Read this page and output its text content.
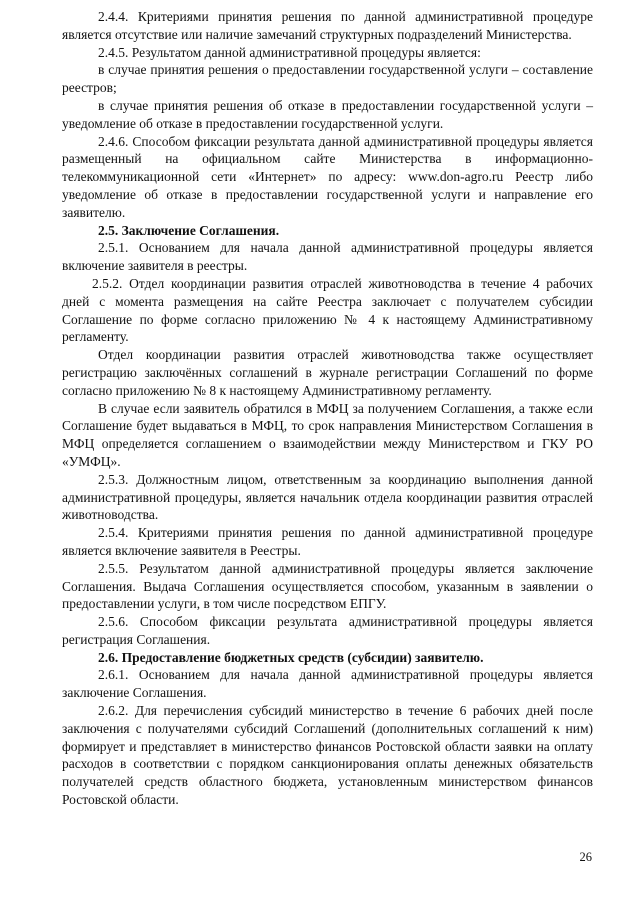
2.4.4. Критериями принятия решения по данной административной процедуре является отсутствие или наличие замечаний структурных подразделений Министерства.

2.4.5. Результатом данной административной процедуры является:

в случае принятия решения о предоставлении государственной услуги – составление реестров;

в случае принятия решения об отказе в предоставлении государственной услуги – уведомление об отказе в предоставлении государственной услуги.

2.4.6. Способом фиксации результата данной административной процедуры является размещенный на официальном сайте Министерства в информационно-телекоммуникационной сети «Интернет» по адресу: www.don-agro.ru Реестр либо уведомление об отказе в предоставлении государственной услуги и направление его заявителю.

2.5. Заключение Соглашения.

2.5.1. Основанием для начала данной административной процедуры является включение заявителя в реестры.

2.5.2. Отдел координации развития отраслей животноводства в течение 4 рабочих дней с момента размещения на сайте Реестра заключает с получателем субсидии Соглашение по форме согласно приложению № 4 к настоящему Административному регламенту.

Отдел координации развития отраслей животноводства также осуществляет регистрацию заключённых соглашений в журнале регистрации Соглашений по форме согласно приложению № 8 к настоящему Административному регламенту.

В случае если заявитель обратился в МФЦ за получением Соглашения, а также если Соглашение будет выдаваться в МФЦ, то срок направления Министерством Соглашения в МФЦ определяется соглашением о взаимодействии между Министерством и ГКУ РО «УМФЦ».

2.5.3. Должностным лицом, ответственным за координацию выполнения данной административной процедуры, является начальник отдела координации развития отраслей животноводства.

2.5.4. Критериями принятия решения по данной административной процедуре является включение заявителя в Реестры.

2.5.5. Результатом данной административной процедуры является заключение Соглашения. Выдача Соглашения осуществляется способом, указанным в заявлении о предоставлении услуги, в том числе посредством ЕПГУ.

2.5.6. Способом фиксации результата административной процедуры является регистрация Соглашения.

2.6. Предоставление бюджетных средств (субсидии) заявителю.

2.6.1. Основанием для начала данной административной процедуры является заключение Соглашения.

2.6.2. Для перечисления субсидий министерство в течение 6 рабочих дней после заключения с получателями субсидий Соглашений (дополнительных соглашений к ним) формирует и представляет в министерство финансов Ростовской области заявки на оплату расходов в соответствии с порядком санкционирования оплаты денежных обязательств получателей средств областного бюджета, установленным министерством финансов Ростовской области.

26
